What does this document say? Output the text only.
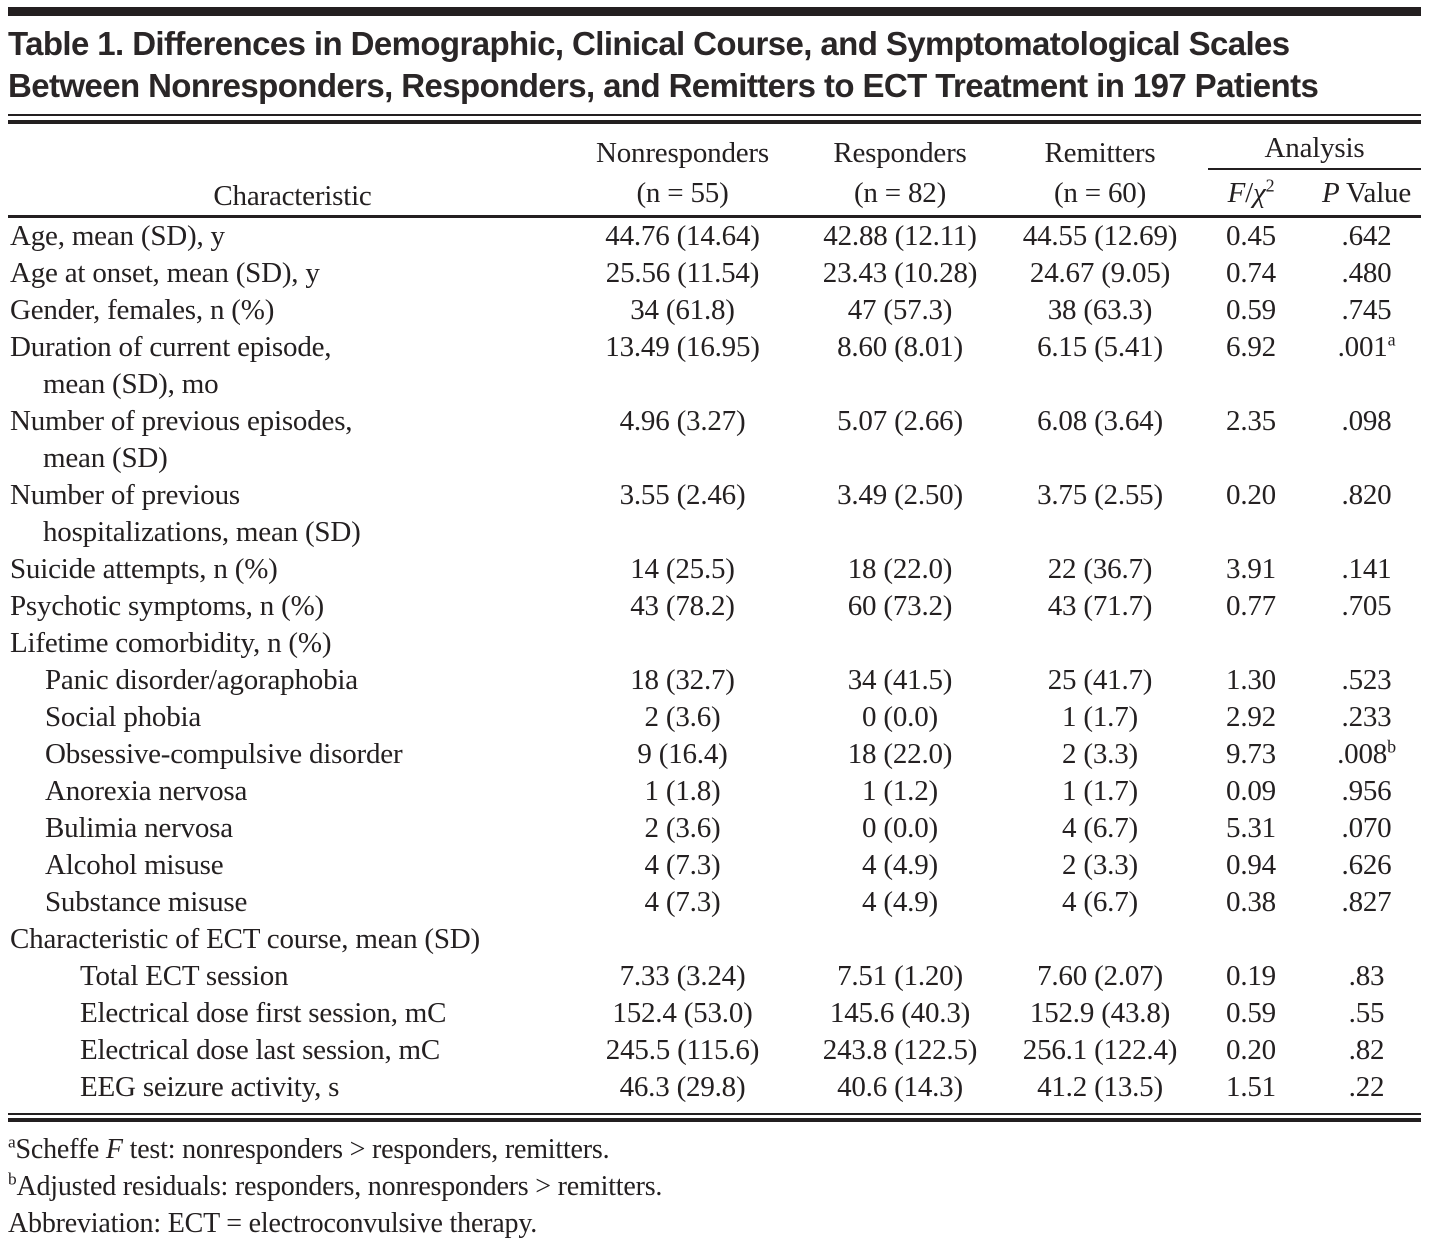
Table 1. Differences in Demographic, Clinical Course, and Symptomatological Scales
Between Nonresponders, Responders, and Remitters to ECT Treatment in 197 Patients
Characteristic	Nonresponders	Responders	Remitters	Analysis	

	(n = 55)	(n = 82)	(n = 60)	$F/\chi^2$	P Value

Age, mean (SD), y	44.76 (14.64)	42.88 (12.11)	44.55 (12.69)	0.45	.642

Age at onset, mean (SD), y	25.56 (11.54)	23.43 (10.28)	24.67 (9.05)	0.74	.480

Gender, females, n (%)	34 (61.8)	47 (57.3)	38 (63.3)	0.59	.745

Duration of current episode,
mean (SD), mo	13.49 (16.95)	8.60 (8.01)	6.15 (5.41)	6.92	.001$^a$

Number of previous episodes,
mean (SD)	4.96 (3.27)	5.07 (2.66)	6.08 (3.64)	2.35	.098

Number of previous
hospitalizations, mean (SD)	3.55 (2.46)	3.49 (2.50)	3.75 (2.55)	0.20	.820

Suicide attempts, n (%)	14 (25.5)	18 (22.0)	22 (36.7)	3.91	.141

Psychotic symptoms, n (%)	43 (78.2)	60 (73.2)	43 (71.7)	0.77	.705

Lifetime comorbidity, n (%)					

Panic disorder/agoraphobia	18 (32.7)	34 (41.5)	25 (41.7)	1.30	.523

Social phobia	2 (3.6)	0 (0.0)	1 (1.7)	2.92	.233

Obsessive-compulsive disorder	9 (16.4)	18 (22.0)	2 (3.3)	9.73	.008$^b$

Anorexia nervosa	1 (1.8)	1 (1.2)	1 (1.7)	0.09	.956

Bulimia nervosa	2 (3.6)	0 (0.0)	4 (6.7)	5.31	.070

Alcohol misuse	4 (7.3)	4 (4.9)	2 (3.3)	0.94	.626

Substance misuse	4 (7.3)	4 (4.9)	4 (6.7)	0.38	.827

Characteristic of ECT course, mean (SD)					

Total ECT session	7.33 (3.24)	7.51 (1.20)	7.60 (2.07)	0.19	.83

Electrical dose first session, mC	152.4 (53.0)	145.6 (40.3)	152.9 (43.8)	0.59	.55

Electrical dose last session, mC	245.5 (115.6)	243.8 (122.5)	256.1 (122.4)	0.20	.82

EEG seizure activity, s	46.3 (29.8)	40.6 (14.3)	41.2 (13.5)	1.51	.22
$^a$Scheffe F test: nonresponders > responders, remitters.
$^b$Adjusted residuals: responders, nonresponders > remitters.
Abbreviation: ECT = electroconvulsive therapy.
